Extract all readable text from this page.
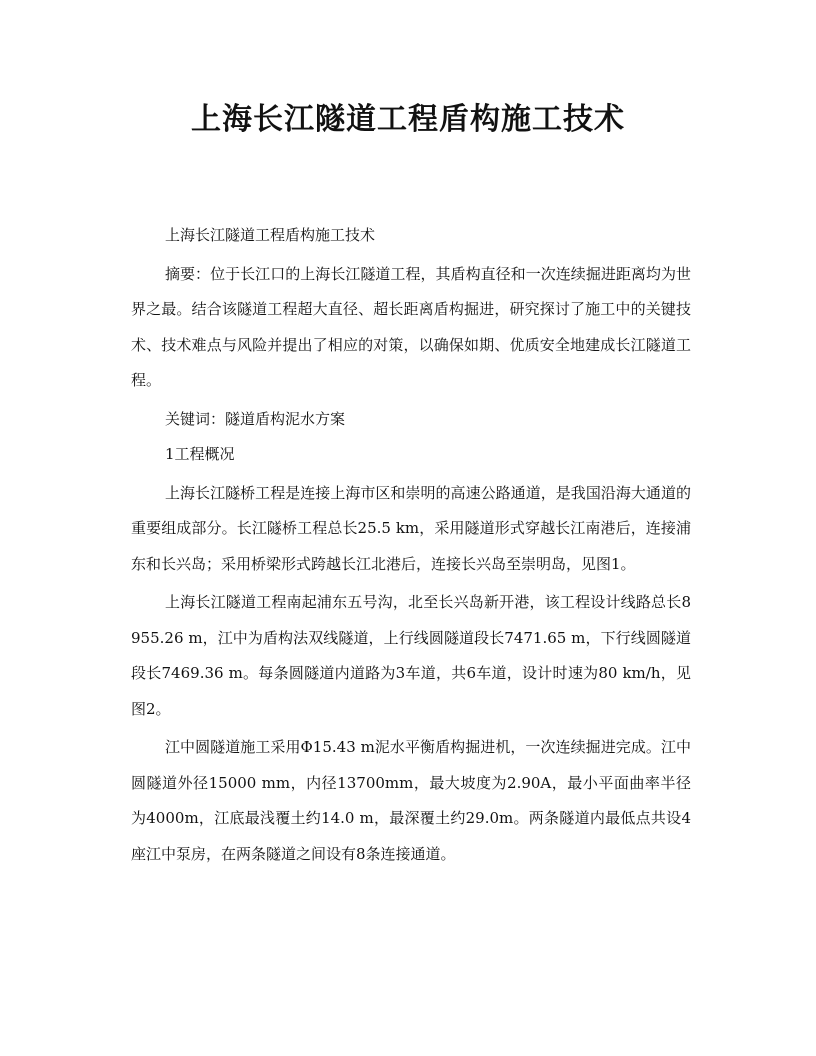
上海长江隧道工程盾构施工技术

上海长江隧道工程盾构施工技术

摘要：位于长江口的上海长江隧道工程，其盾构直径和一次连续掘进距离均为世界之最。结合该隧道工程超大直径、超长距离盾构掘进，研究探讨了施工中的关键技术、技术难点与风险并提出了相应的对策，以确保如期、优质安全地建成长江隧道工程。

关键词：隧道盾构泥水方案

1工程概况

上海长江隧桥工程是连接上海市区和崇明的高速公路通道，是我国沿海大通道的重要组成部分。长江隧桥工程总长25.5 km，采用隧道形式穿越长江南港后，连接浦东和长兴岛；采用桥梁形式跨越长江北港后，连接长兴岛至崇明岛，见图1。

上海长江隧道工程南起浦东五号沟，北至长兴岛新开港，该工程设计线路总长8955.26 m，江中为盾构法双线隧道，上行线圆隧道段长7471.65 m，下行线圆隧道段长7469.36 m。每条圆隧道内道路为3车道，共6车道，设计时速为80 km/h，见图2。

江中圆隧道施工采用Φ15.43 m泥水平衡盾构掘进机，一次连续掘进完成。江中圆隧道外径15000 mm，内径13700mm，最大坡度为2.90A，最小平面曲率半径为4000m，江底最浅覆土约14.0 m，最深覆土约29.0m。两条隧道内最低点共设4座江中泵房，在两条隧道之间设有8条连接通道。
